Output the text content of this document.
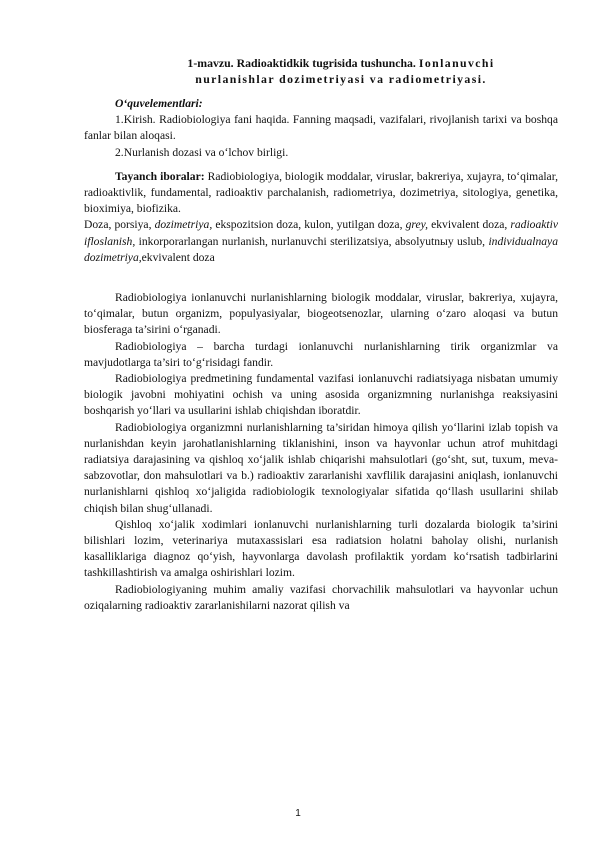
1-mavzu. Radioaktidkik tugrisida tushuncha. Ionlanuvchi
nurlanishlar dozimetriyasi va radiometriyasi.

O‘quvelementlari:

1.Kirish. Radiobiologiya fani haqida. Fanning maqsadi, vazifalari, rivojlanish tarixi va boshqa fanlar bilan aloqasi.

2.Nurlanish dozasi va o‘lchov birligi.

Tayanch iboralar: Radiobiologiya, biologik moddalar, viruslar, bakreriya, xujayra, to‘qimalar, radioaktivlik, fundamental, radioaktiv parchalanish, radiometriya, dozimetriya, sitologiya, genetika, bioximiya, biofizika.

Doza, porsiya, dozimetriya, ekspozitsion doza, kulon, yutilgan doza, grey, ekvivalent doza, radioaktiv ifloslanish, inkorporarlangan nurlanish, nurlanuvchi sterilizatsiya, absolyutnыy uslub, individualnaya dozimetriya,ekvivalent doza

Radiobiologiya ionlanuvchi nurlanishlarning biologik moddalar, viruslar, bakreriya, xujayra, to‘qimalar, butun organizm, populyasiyalar, biogeotsenozlar, ularning o‘zaro aloqasi va butun biosferaga ta’sirini o‘rganadi.

Radiobiologiya – barcha turdagi ionlanuvchi nurlanishlarning tirik organizmlar va mavjudotlarga ta’siri to‘g‘risidagi fandir.

Radiobiologiya predmetining fundamental vazifasi ionlanuvchi radiatsiyaga nisbatan umumiy biologik javobni mohiyatini ochish va uning asosida organizmning nurlanishga reaksiyasini boshqarish yo‘llari va usullarini ishlab chiqishdan iboratdir.

Radiobiologiya organizmni nurlanishlarning ta’siridan himoya qilish yo‘llarini izlab topish va nurlanishdan keyin jarohatlanishlarning tiklanishini, inson va hayvonlar uchun atrof muhitdagi radiatsiya darajasining va qishloq xo‘jalik ishlab chiqarishi mahsulotlari (go‘sht, sut, tuxum, meva-sabzovotlar, don mahsulotlari va b.) radioaktiv zararlanishi xavflilik darajasini aniqlash, ionlanuvchi nurlanishlarni qishloq xo‘jaligida radiobiologik texnologiyalar sifatida qo‘llash usullarini shilab chiqish bilan shug‘ullanadi.

Qishloq xo‘jalik xodimlari ionlanuvchi nurlanishlarning turli dozalarda biologik ta’sirini bilishlari lozim, veterinariya mutaxassislari esa radiatsion holatni baholay olishi, nurlanish kasalliklariga diagnoz qo‘yish, hayvonlarga davolash profilaktik yordam ko‘rsatish tadbirlarini tashkillashtirish va amalga oshirishlari lozim.

Radiobiologiyaning muhim amaliy vazifasi chorvachilik mahsulotlari va hayvonlar uchun oziqalarning radioaktiv zararlanishilarni nazorat qilish va

1
